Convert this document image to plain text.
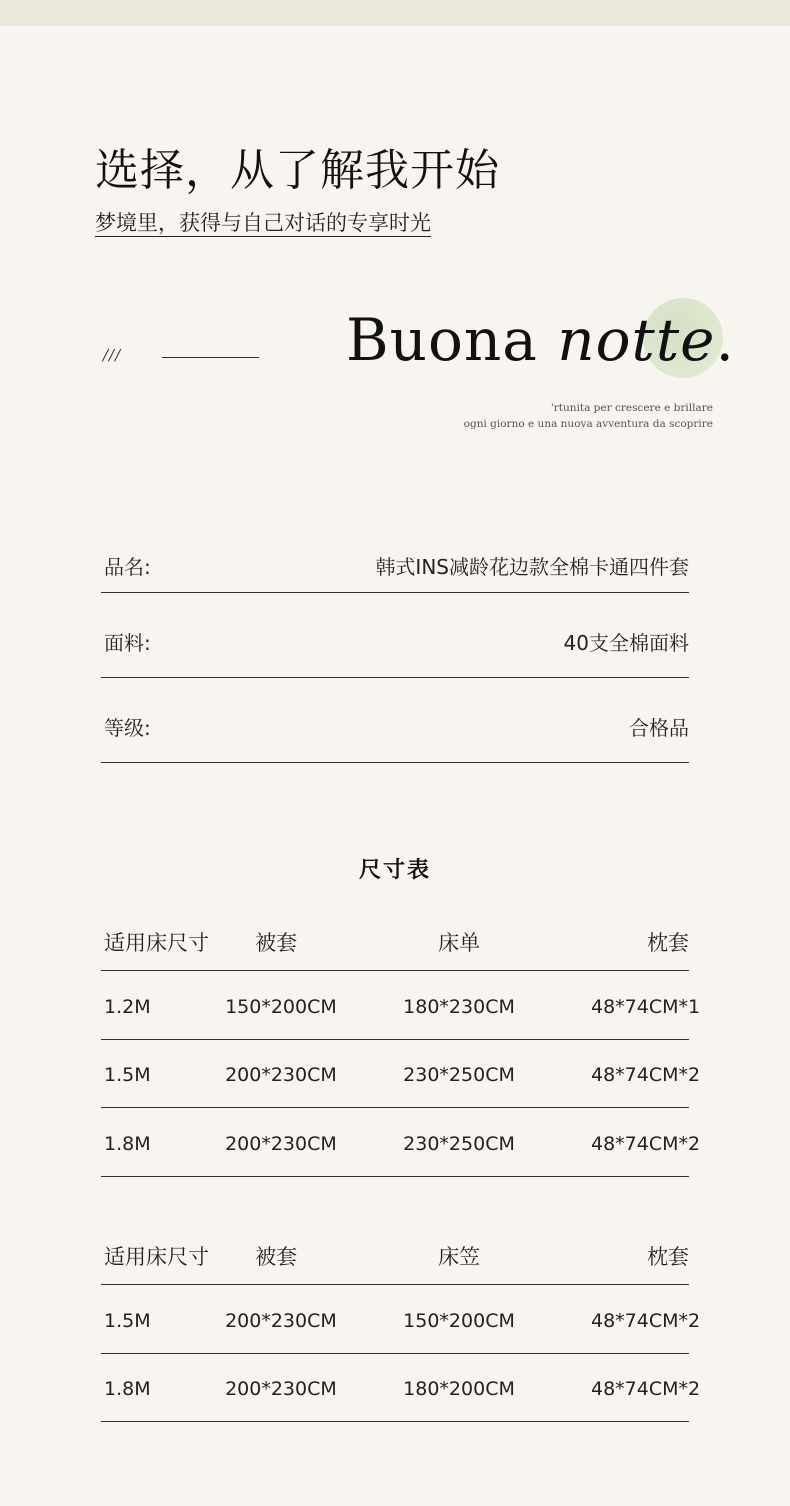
选择，从了解我开始
梦境里，获得与自己对话的专享时光
///	Buona notte.
'rtunita per crescere e brillare
ogni giorno e una nuova avventura da scoprire
品名:	韩式INS减龄花边款全棉卡通四件套
面料:	40支全棉面料
等级:	合格品
尺寸表
适用床尺寸	被套	床单	枕套
1.2M	150*200CM	180*230CM	48*74CM*1
1.5M	200*230CM	230*250CM	48*74CM*2
1.8M	200*230CM	230*250CM	48*74CM*2
适用床尺寸	被套	床笠	枕套
1.5M	200*230CM	150*200CM	48*74CM*2
1.8M	200*230CM	180*200CM	48*74CM*2
